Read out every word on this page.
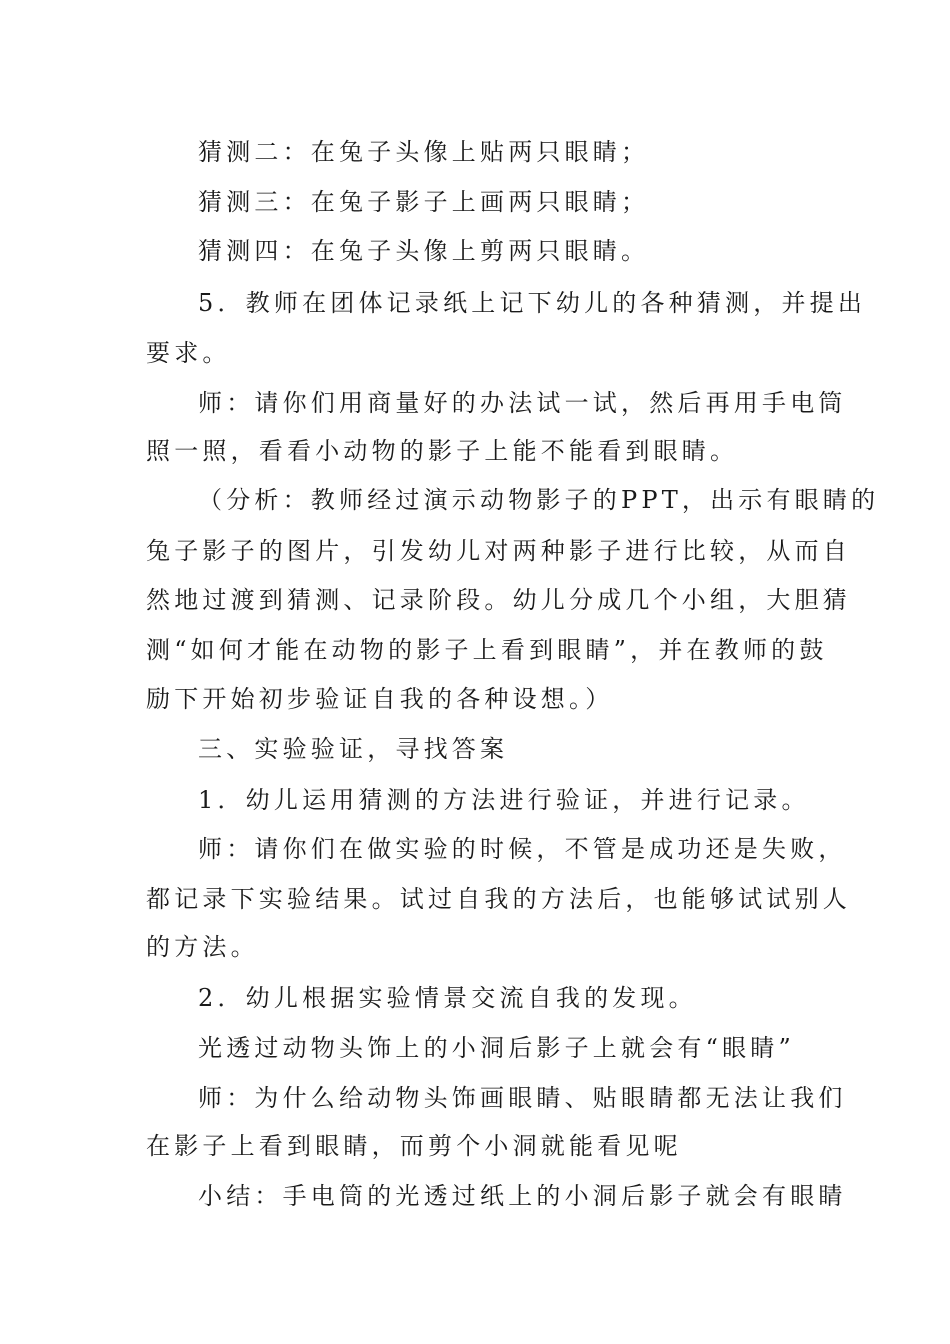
猜测二：在兔子头像上贴两只眼睛；
猜测三：在兔子影子上画两只眼睛；
猜测四：在兔子头像上剪两只眼睛。
5．教师在团体记录纸上记下幼儿的各种猜测，并提出
要求。
师：请你们用商量好的办法试一试，然后再用手电筒
照一照，看看小动物的影子上能不能看到眼睛。
（分析：教师经过演示动物影子的PPT，出示有眼睛的
兔子影子的图片，引发幼儿对两种影子进行比较，从而自
然地过渡到猜测、记录阶段。幼儿分成几个小组，大胆猜
测“如何才能在动物的影子上看到眼睛”，并在教师的鼓
励下开始初步验证自我的各种设想。）
三、实验验证，寻找答案
1．幼儿运用猜测的方法进行验证，并进行记录。
师：请你们在做实验的时候，不管是成功还是失败，
都记录下实验结果。试过自我的方法后，也能够试试别人
的方法。
2．幼儿根据实验情景交流自我的发现。
光透过动物头饰上的小洞后影子上就会有“眼睛”
师：为什么给动物头饰画眼睛、贴眼睛都无法让我们
在影子上看到眼睛，而剪个小洞就能看见呢
小结：手电筒的光透过纸上的小洞后影子就会有眼睛
